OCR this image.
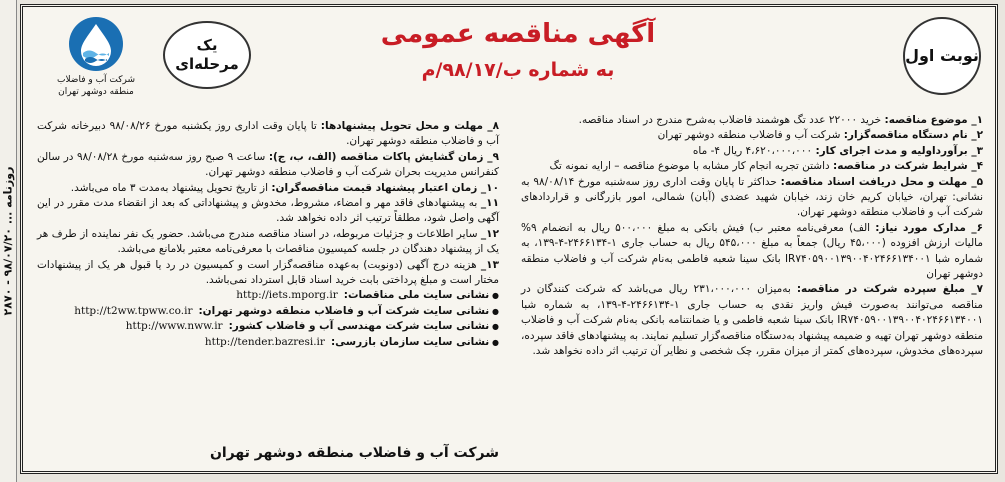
روزنامه ... ۹۸/۰۷/۲۰ - ۲۸۷۰
نوبت اول
شرکت آب و فاضلاب
منطقه دوشهر تهران
یک مرحله‌ای
آگهی مناقصه عمومی
به شماره ب/۹۸/۱۷/م

۱_ موضوع مناقصه: خرید ۲۲۰۰۰ عدد تگ هوشمند فاضلاب به‌شرح مندرج در اسناد مناقصه.

۲_ نام دستگاه مناقصه‌گزار: شرکت آب و فاضلاب منطقه دوشهر تهران

۳_ برآورداولیه و مدت اجرای کار: ۴،۶۲۰،۰۰۰،۰۰۰ ریال ۴- ماه

۴_ شرایط شرکت در مناقصه: داشتن تجربه انجام کار مشابه با موضوع مناقصه – ارایه نمونه تگ

۵_ مهلت و محل دریافت اسناد مناقصه: حداکثر تا پایان وقت اداری روز سه‌شنبه مورخ ۹۸/۰۸/۱۴ به نشانی: تهران، خیابان کریم خان زند، خیابان شهید عضدی (آبان) شمالی، امور بازرگانی و قراردادهای شرکت آب و فاضلاب منطقه دوشهر تهران.

۶_ مدارک مورد نیاز: الف) معرفی‌نامه معتبر ب) فیش بانکی به مبلغ ۵۰۰،۰۰۰ ریال به انضمام ۹% مالیات ارزش افزوده (۴۵،۰۰۰ ریال) جمعاً به مبلغ ۵۴۵،۰۰۰ ریال به حساب جاری ۱-۲۴۶۶۱۳۴-۴-۱۳۹، به شماره شبا IR۷۴۰۵۹۰۰۱۳۹۰۰۴۰۲۴۶۶۱۳۴۰۰۱ بانک سینا شعبه فاطمی به‌نام شرکت آب و فاضلاب منطقه دوشهر تهران

۷_ مبلغ سپرده شرکت در مناقصه: به‌میزان ۲۳۱،۰۰۰،۰۰۰ ریال می‌باشد که شرکت کنندگان در مناقصه می‌توانند به‌صورت فیش واریز نقدی به حساب جاری ۱-۲۴۶۶۱۳۴-۴-۱۳۹، به شماره شبا IR۷۴۰۵۹۰۰۱۳۹۰۰۴۰۲۴۶۶۱۳۴۰۰۱ بانک سینا شعبه فاطمی و یا ضمانتنامه بانکی به‌نام شرکت آب و فاضلاب منطقه دوشهر تهران تهیه و ضمیمه پیشنهاد به‌دستگاه مناقصه‌گزار تسلیم نمایند. به پیشنهادهای فاقد سپرده، سپرده‌های مخدوش، سپرده‌های کمتر از میزان مقرر، چک شخصی و نظایر آن ترتیب اثر داده نخواهد شد.

۸_ مهلت و محل تحویل پیشنهادها: تا پایان وقت اداری روز یکشنبه مورخ ۹۸/۰۸/۲۶ دبیرخانه شرکت آب و فاضلاب منطقه دوشهر تهران.

۹_ زمان گشایش پاکات مناقصه (الف، ب، ج): ساعت ۹ صبح روز سه‌شنبه مورخ ۹۸/۰۸/۲۸ در سالن کنفرانس مدیریت بحران شرکت آب و فاضلاب منطقه دوشهر تهران.

۱۰_ زمان اعتبار پیشنهاد قیمت مناقصه‌گران: از تاریخ تحویل پیشنهاد به‌مدت ۳ ماه می‌باشد.

۱۱_ به پیشنهادهای فاقد مهر و امضاء، مشروط، مخدوش و پیشنهاداتی که بعد از انقضاء مدت مقرر در این آگهی واصل شود، مطلقاً ترتیب اثر داده نخواهد شد.

۱۲_ سایر اطلاعات و جزئیات مربوطه، در اسناد مناقصه مندرج می‌باشد. حضور یک نفر نماینده از طرف هر یک از پیشنهاد دهندگان در جلسه کمیسیون مناقصات با معرفی‌نامه معتبر بلامانع می‌باشد.

۱۳_ هزینه درج آگهی (دونوبت) به‌عهده مناقصه‌گزار است و کمیسیون در رد یا قبول هر یک از پیشنهادات مختار است و مبلغ پرداختی بابت خرید اسناد قابل استرداد نمی‌باشد.

● نشانی سایت ملی مناقصات:
http://iets.mporg.ir
● نشانی سایت شرکت آب و فاضلاب منطقه دوشهر تهران:
http://t2ww.tpww.co.ir
● نشانی سایت شرکت مهندسی آب و فاضلاب کشور:
http://www.nww.ir
● نشانی سایت سازمان بازرسی:
http://tender.bazresi.ir
شرکت آب و فاضلاب منطقه دوشهر تهران
